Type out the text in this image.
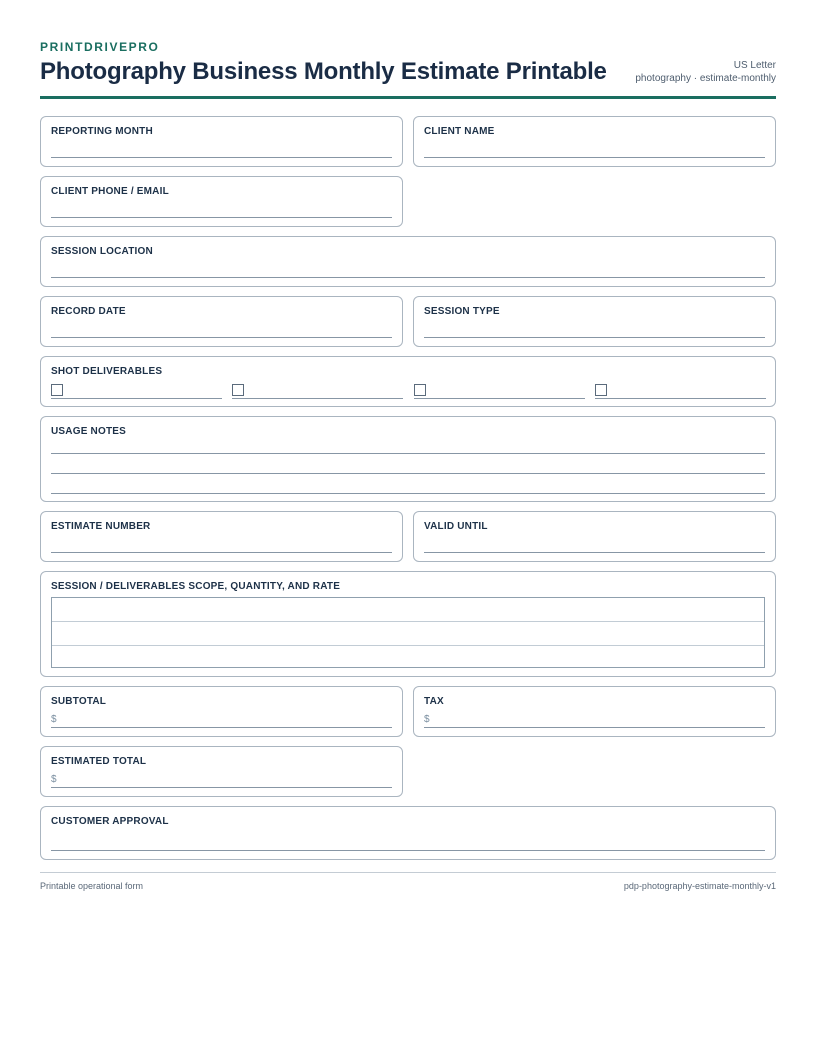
PRINTDRIVEPRO
Photography Business Monthly Estimate Printable	US Letter
photography · estimate-monthly
REPORTING MONTH	CLIENT NAME
CLIENT PHONE / EMAIL
SESSION LOCATION
RECORD DATE	SESSION TYPE
SHOT DELIVERABLES
USAGE NOTES
ESTIMATE NUMBER	VALID UNTIL
SESSION / DELIVERABLES SCOPE, QUANTITY, AND RATE
SUBTOTAL
$
TAX
$
ESTIMATED TOTAL
$
CUSTOMER APPROVAL
Printable operational form	pdp-photography-estimate-monthly-v1
